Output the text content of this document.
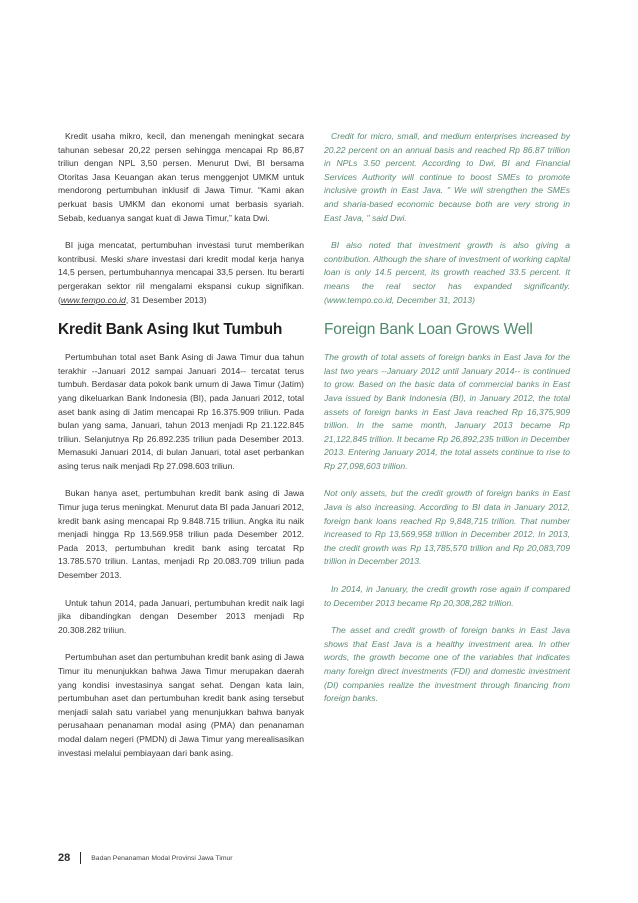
Kredit usaha mikro, kecil, dan menengah meningkat secara tahunan sebesar 20,22 persen sehingga mencapai Rp 86,87 triliun dengan NPL 3,50 persen. Menurut Dwi, BI bersama Otoritas Jasa Keuangan akan terus menggenjot UMKM untuk mendorong pertumbuhan inklusif di Jawa Timur. “Kami akan perkuat basis UMKM dan ekonomi umat berbasis syariah. Sebab, keduanya sangat kuat di Jawa Timur,” kata Dwi.

BI juga mencatat, pertumbuhan investasi turut memberikan kontribusi. Meski share investasi dari kredit modal kerja hanya 14,5 persen, pertumbuhannya mencapai 33,5 persen. Itu berarti pergerakan sektor riil mengalami ekspansi cukup signifikan. (www.tempo.co.id, 31 Desember 2013)

Kredit Bank Asing Ikut Tumbuh

Pertumbuhan total aset Bank Asing di Jawa Timur dua tahun terakhir --Januari 2012 sampai Januari 2014-- tercatat terus tumbuh. Berdasar data pokok bank umum di Jawa Timur (Jatim) yang dikeluarkan Bank Indonesia (BI), pada Januari 2012, total aset bank asing di Jatim mencapai Rp 16.375.909 triliun. Pada bulan yang sama, Januari, tahun 2013 menjadi Rp 21.122.845 triliun. Selanjutnya Rp 26.892.235 triliun pada Desember 2013. Memasuki Januari 2014, di bulan Januari, total aset perbankan asing terus naik menjadi Rp 27.098.603 triliun.

Bukan hanya aset, pertumbuhan kredit bank asing di Jawa Timur juga terus meningkat. Menurut data BI pada Januari 2012, kredit bank asing mencapai Rp 9.848.715 triliun. Angka itu naik menjadi hingga Rp 13.569.958 triliun pada Desember 2012. Pada 2013, pertumbuhan kredit bank asing tercatat Rp 13.785.570 triliun. Lantas, menjadi Rp 20.083.709 triliun pada Desember 2013.

Untuk tahun 2014, pada Januari, pertumbuhan kredit naik lagi jika dibandingkan dengan Desember 2013 menjadi Rp 20.308.282 triliun.

Pertumbuhan aset dan pertumbuhan kredit bank asing di Jawa Timur itu menunjukkan bahwa Jawa Timur merupakan daerah yang kondisi investasinya sangat sehat. Dengan kata lain, pertumbuhan aset dan pertumbuhan kredit bank asing tersebut menjadi salah satu variabel yang menunjukkan bahwa banyak perusahaan penanaman modal asing (PMA) dan penanaman modal dalam negeri (PMDN) di Jawa Timur yang merealisasikan investasi melalui pembiayaan dari bank asing.

Credit for micro, small, and medium enterprises increased by 20.22 percent on an annual basis and reached Rp 86.87 trillion in NPLs 3.50 percent. According to Dwi, BI and Financial Services Authority will continue to boost SMEs to promote inclusive growth in East Java. " We will strengthen the SMEs and sharia-based economic because both are very strong in East Java, " said Dwi.

BI also noted that investment growth is also giving a contribution. Although the share of investment of working capital loan is only 14.5 percent, its growth reached 33.5 percent. It means the real sector has expanded significantly. (www.tempo.co.id, December 31, 2013)

Foreign Bank Loan Grows Well

The growth of total assets of foreign banks in East Java for the last two years --January 2012 until January 2014-- is continued to grow. Based on the basic data of commercial banks in East Java issued by Bank Indonesia (BI), in January 2012, the total assets of foreign banks in East Java reached Rp 16,375,909 trillion. In the same month, January 2013 became Rp 21,122,845 trillion. It became Rp 26,892,235 trillion in December 2013. Entering January 2014, the total assets continue to rise to Rp 27,098,603 trillion.

Not only assets, but the credit growth of foreign banks in East Java is also increasing. According to BI data in January 2012, foreign bank loans reached Rp 9,848,715 trillion. That number increased to Rp 13,569,958 trillion in December 2012. In 2013, the credit growth was Rp 13,785,570 trillion and Rp 20,083,709 trillion in December 2013.

In 2014, in January, the credit growth rose again if compared to December 2013 became Rp 20,308,282 trillion.

The asset and credit growth of foreign banks in East Java shows that East Java is a healthy investment area. In other words, the growth become one of the variables that indicates many foreign direct investments (FDI) and domestic investment (DI) companies realize the investment through financing from foreign banks.

28	Badan Penanaman Modal Provinsi Jawa Timur
